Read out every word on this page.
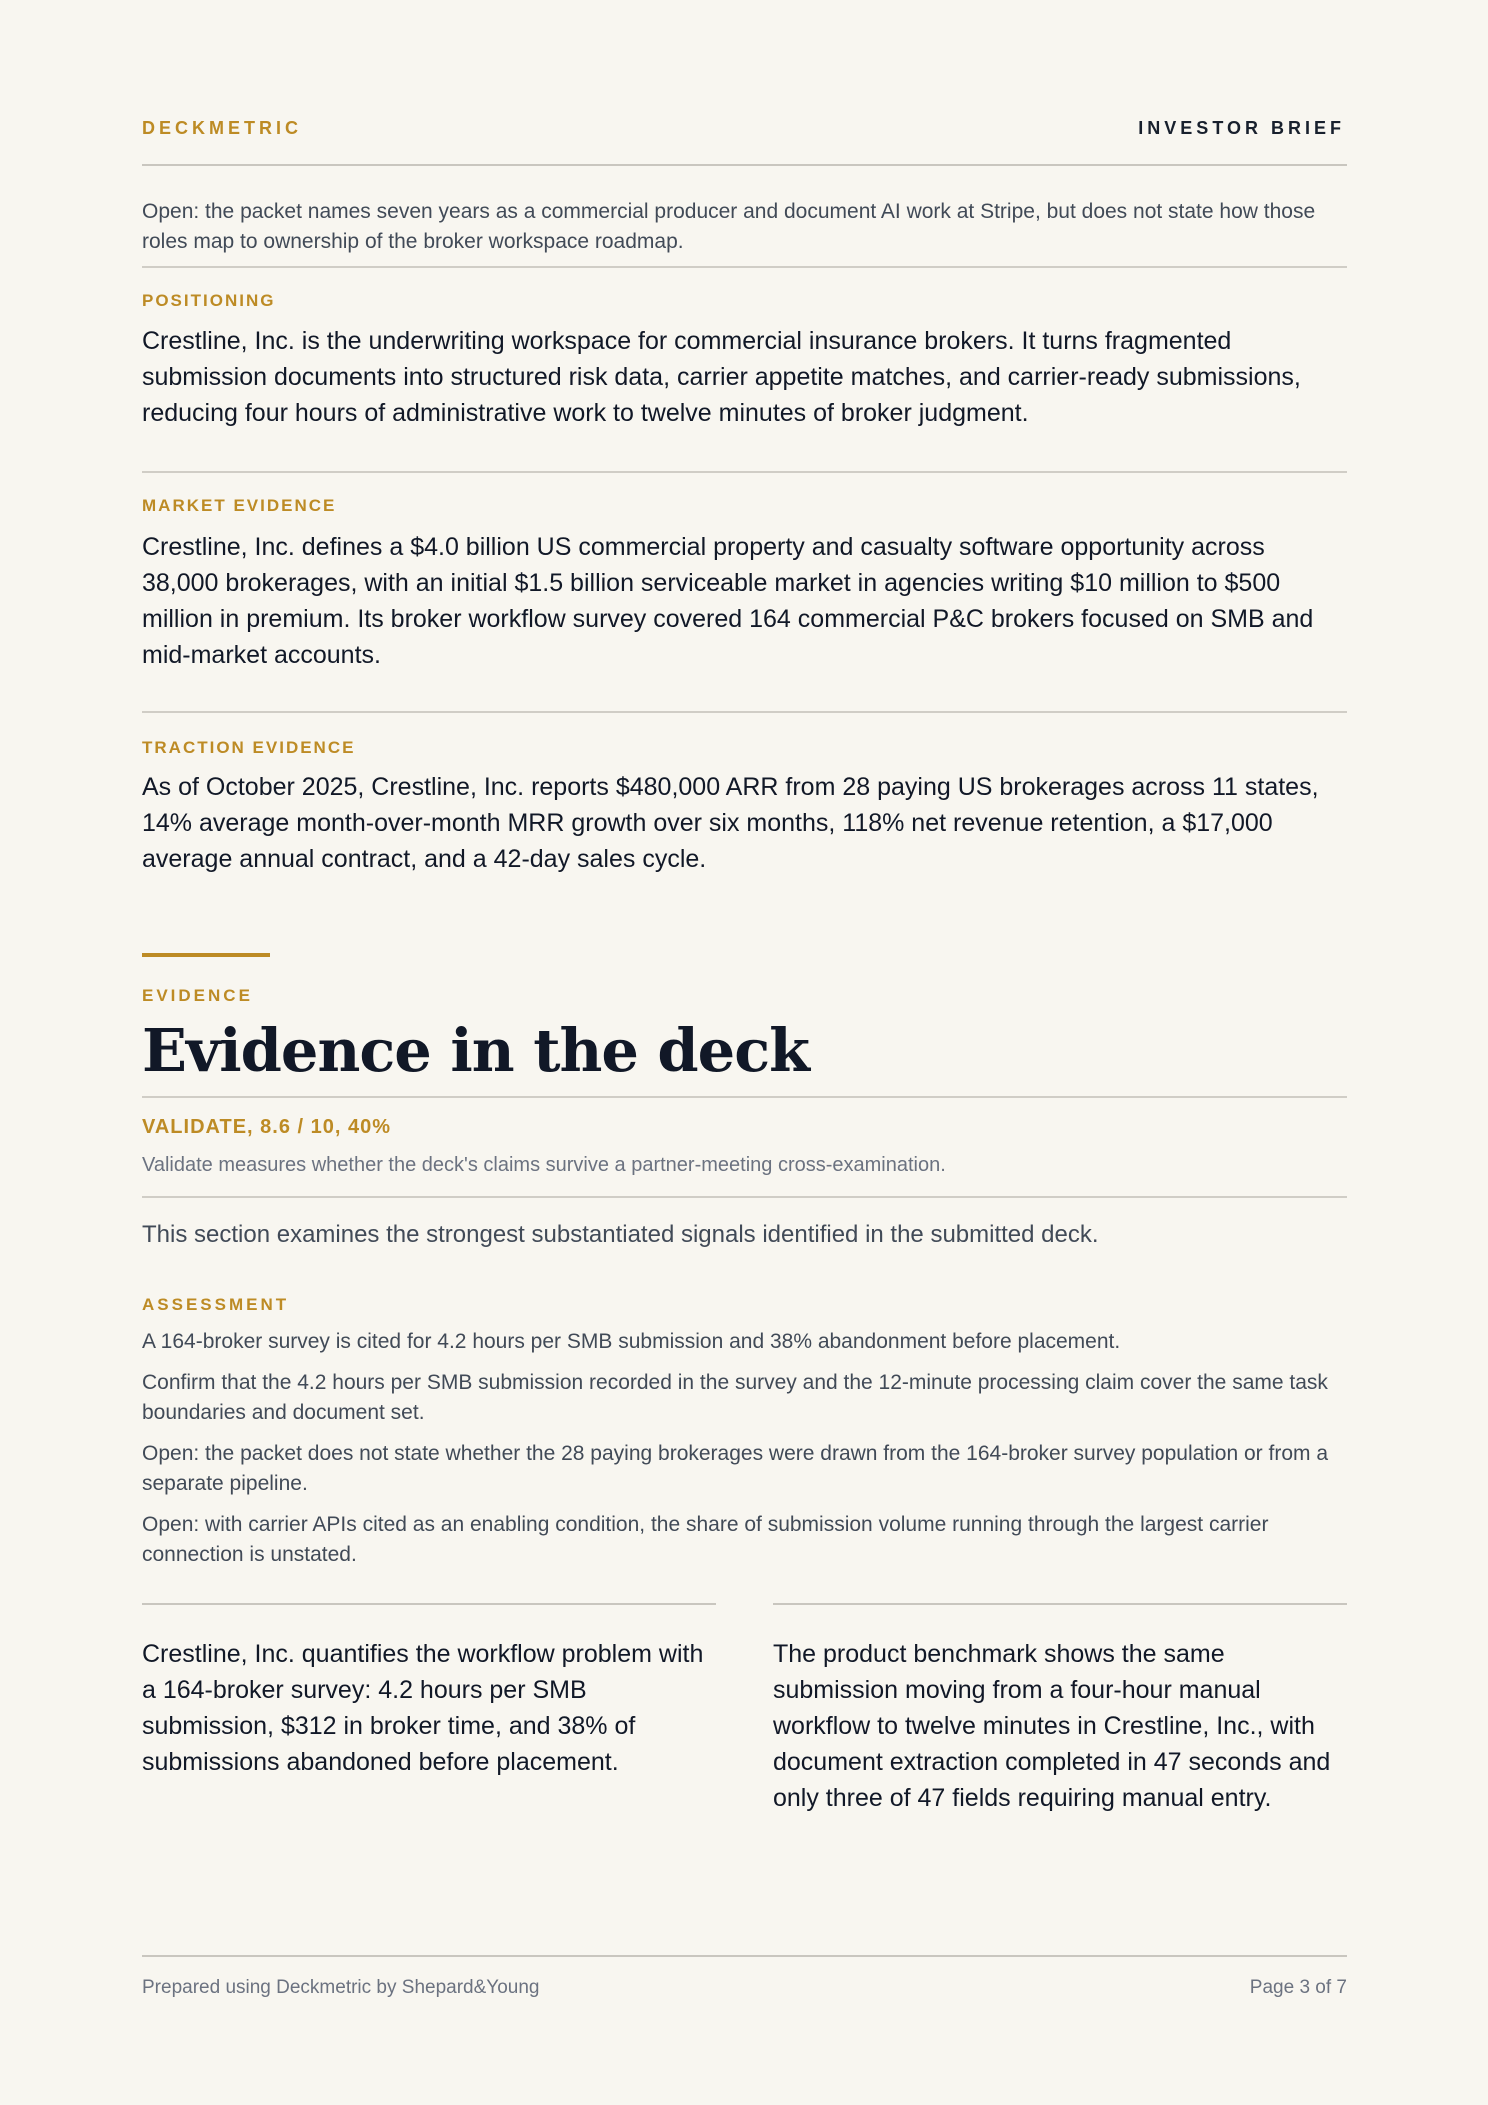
DECKMETRIC	INVESTOR BRIEF

Open: the packet names seven years as a commercial producer and document AI work at Stripe, but does not state how those roles map to ownership of the broker workspace roadmap.

POSITIONING

Crestline, Inc. is the underwriting workspace for commercial insurance brokers. It turns fragmented submission documents into structured risk data, carrier appetite matches, and carrier-ready submissions, reducing four hours of administrative work to twelve minutes of broker judgment.

MARKET EVIDENCE

Crestline, Inc. defines a $4.0 billion US commercial property and casualty software opportunity across 38,000 brokerages, with an initial $1.5 billion serviceable market in agencies writing $10 million to $500 million in premium. Its broker workflow survey covered 164 commercial P&C brokers focused on SMB and mid-market accounts.

TRACTION EVIDENCE

As of October 2025, Crestline, Inc. reports $480,000 ARR from 28 paying US brokerages across 11 states, 14% average month-over-month MRR growth over six months, 118% net revenue retention, a $17,000 average annual contract, and a 42-day sales cycle.

EVIDENCE
Evidence in the deck
VALIDATE, 8.6 / 10, 40%
Validate measures whether the deck's claims survive a partner-meeting cross-examination.

This section examines the strongest substantiated signals identified in the submitted deck.

ASSESSMENT
A 164-broker survey is cited for 4.2 hours per SMB submission and 38% abandonment before placement.
Confirm that the 4.2 hours per SMB submission recorded in the survey and the 12-minute processing claim cover the same task boundaries and document set.
Open: the packet does not state whether the 28 paying brokerages were drawn from the 164-broker survey population or from a separate pipeline.
Open: with carrier APIs cited as an enabling condition, the share of submission volume running through the largest carrier connection is unstated.

Crestline, Inc. quantifies the workflow problem with a 164-broker survey: 4.2 hours per SMB submission, $312 in broker time, and 38% of submissions abandoned before placement.

The product benchmark shows the same submission moving from a four-hour manual workflow to twelve minutes in Crestline, Inc., with document extraction completed in 47 seconds and only three of 47 fields requiring manual entry.

Prepared using Deckmetric by Shepard&Young	Page 3 of 7
